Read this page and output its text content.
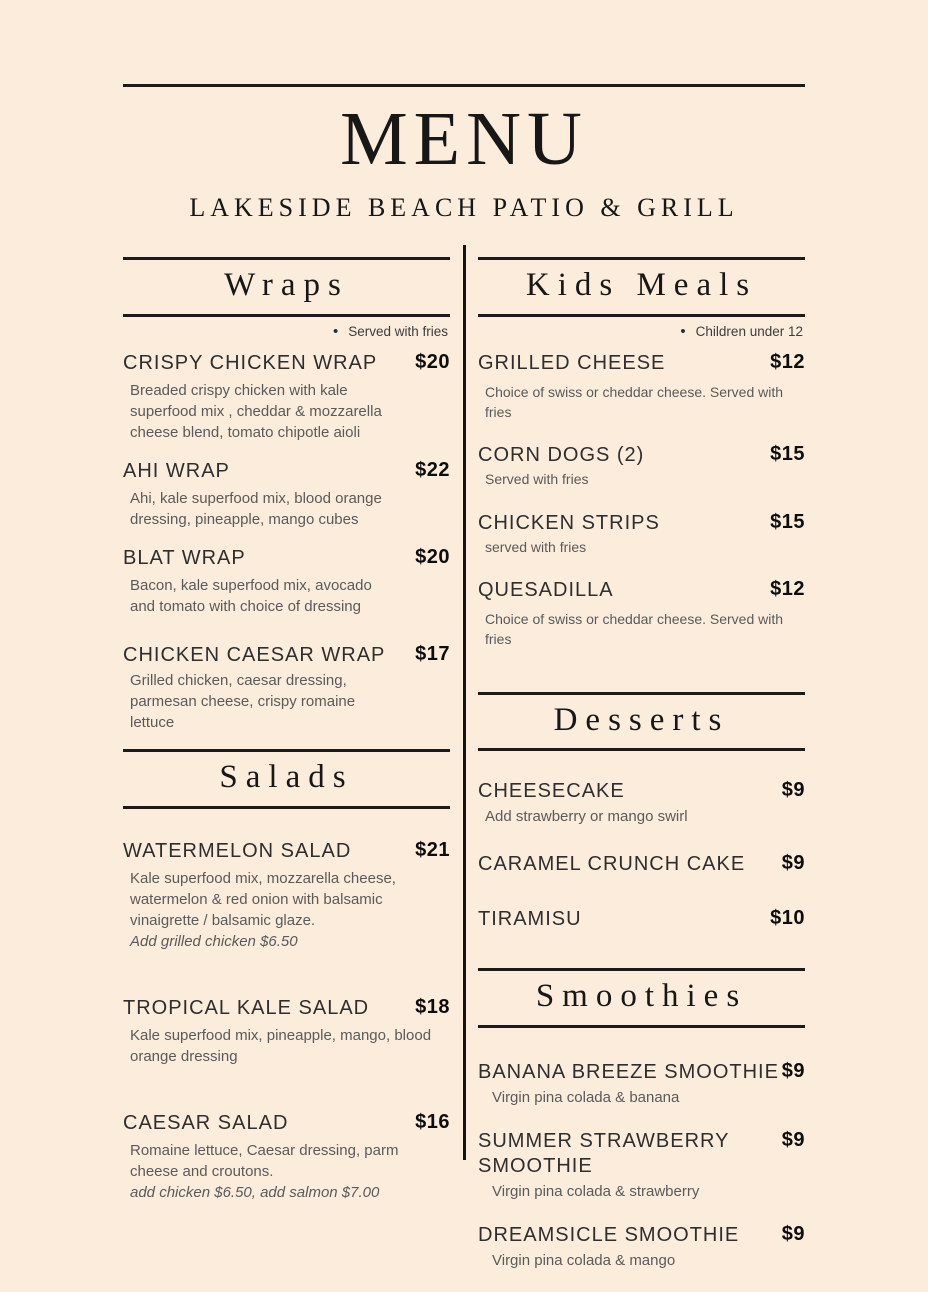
MENU
LAKESIDE BEACH PATIO & GRILL
Wraps
• Served with fries
CRISPY CHICKEN WRAP $20

Breaded crispy chicken with kale superfood mix , cheddar & mozzarella cheese blend, tomato chipotle aioli

AHI WRAP	$22

Ahi, kale superfood mix, blood orange dressing, pineapple, mango cubes

BLAT WRAP	$20

Bacon, kale superfood mix, avocado and tomato with choice of dressing

CHICKEN CAESAR WRAP $17

Grilled chicken, caesar dressing, parmesan cheese, crispy romaine lettuce

Salads
WATERMELON SALAD	$21

Kale superfood mix, mozzarella cheese, watermelon & red onion with balsamic vinaigrette / balsamic glaze.

Add grilled chicken $6.50

TROPICAL KALE SALAD $18

Kale superfood mix, pineapple, mango, blood orange dressing

CAESAR SALAD	$16

Romaine lettuce, Caesar dressing, parm cheese and croutons.

add chicken $6.50, add salmon $7.00

Kids Meals
• Children under 12
GRILLED CHEESE	$12

Choice of swiss or cheddar cheese. Served with fries

CORN DOGS (2)	$15

Served with fries

CHICKEN STRIPS	$15

served with fries

QUESADILLA	$12

Choice of swiss or cheddar cheese. Served with fries

Desserts
CHEESECAKE	$9

Add strawberry or mango swirl

CARAMEL CRUNCH CAKE $9
TIRAMISU	$10
Smoothies
BANANA BREEZE SMOOTHIE $9

Virgin pina colada & banana

SUMMER STRAWBERRY SMOOTHIE
$9

Virgin pina colada & strawberry

DREAMSICLE SMOOTHIE $9

Virgin pina colada & mango
